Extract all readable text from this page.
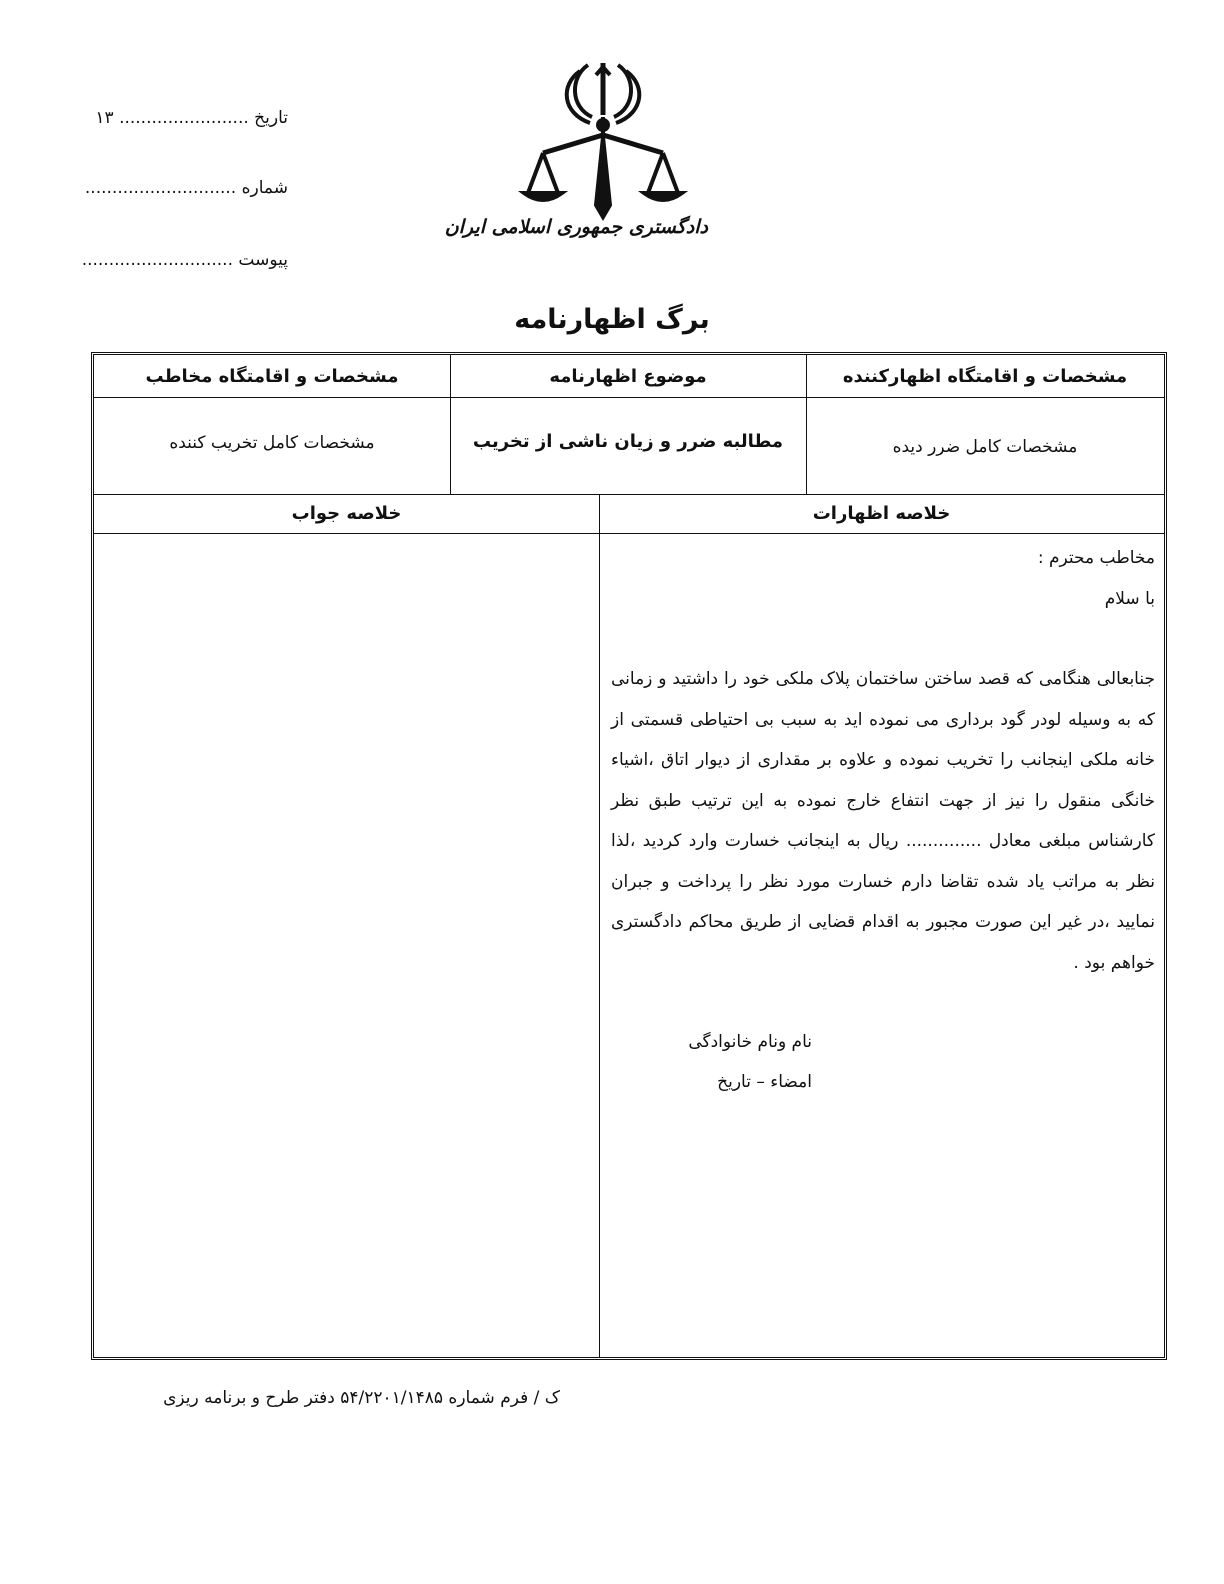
تاریخ ........................ ۱۳
شماره ............................
پیوست ............................
دادگستری جمهوری اسلامی ایران
برگ اظهارنامه
مشخصات و اقامتگاه اظهارکننده
موضوع اظهارنامه
مشخصات و اقامتگاه مخاطب
مشخصات کامل ضرر دیده
مطالبه ضرر و زیان ناشی از تخریب
مشخصات کامل تخریب کننده
خلاصه اظهارات
خلاصه جواب

مخاطب محترم :

با سلام

جنابعالی هنگامی که قصد ساختن ساختمان پلاک ملکی خود را داشتید و زمانی که به وسیله لودر گود برداری می نموده اید به سبب بی احتیاطی قسمتی از خانه ملکی اینجانب را تخریب نموده و علاوه بر مقداری از دیوار اتاق ،اشیاء خانگی منقول را نیز از جهت انتفاع خارج نموده به این ترتیب طبق نظر کارشناس مبلغی معادل .............. ریال به اینجانب خسارت وارد کردید ،لذا نظر به مراتب یاد شده تقاضا دارم خسارت مورد نظر را پرداخت و جبران نمایید ،در غیر این صورت مجبور به اقدام قضایی از طریق محاکم دادگستری خواهم بود .

نام ونام خانوادگی
امضاء – تاریخ
ک / فرم شماره ۵۴/۲۲۰۱/۱۴۸۵ دفتر طرح و برنامه ریزی
